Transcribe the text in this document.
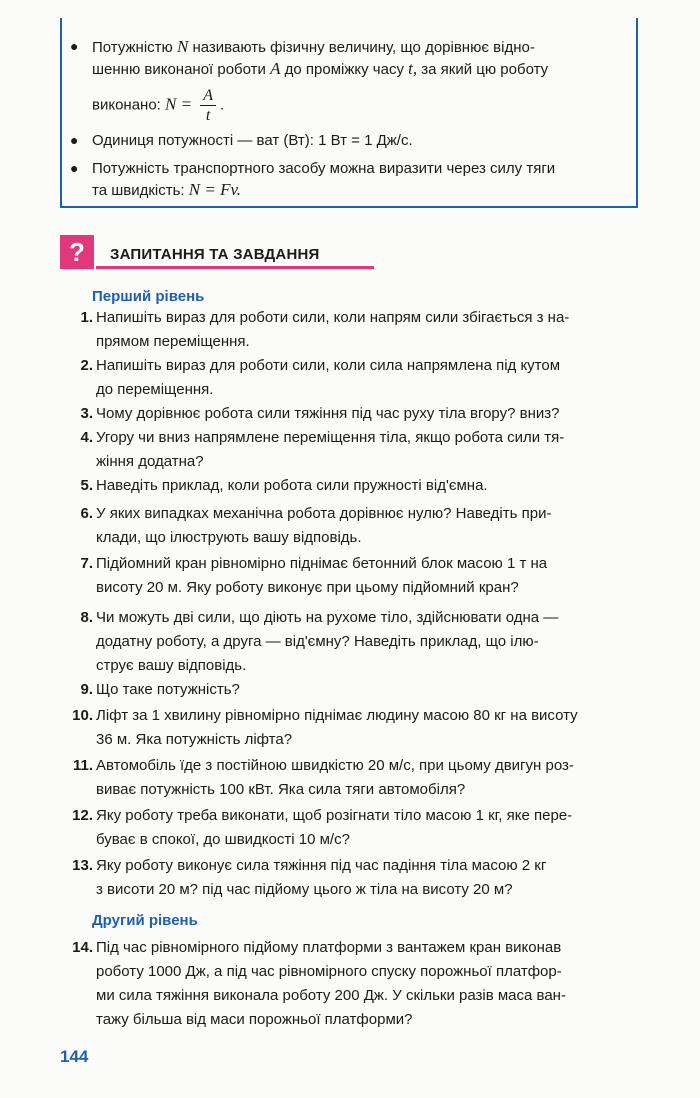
● Потужністю N називають фізичну величину, що дорівнює відно-
шенню виконаної роботи A до проміжку часу t, за який цю роботу
виконано: $N = \frac{A}{t}$ .
● Одиниця потужності — ват (Вт): 1 Вт = 1 Дж/с.
● Потужність транспортного засобу можна виразити через силу тяги
та швидкість: N = Fv.
?	ЗАПИТАННЯ ТА ЗАВДАННЯ
Перший рівень
Другий рівень
1. Напишіть вираз для роботи сили, коли напрям сили збігається з на-
прямом переміщення.
2. Напишіть вираз для роботи сили, коли сила напрямлена під кутом
до переміщення.
3. Чому дорівнює робота сили тяжіння під час руху тіла вгору? вниз?
4. Угору чи вниз напрямлене переміщення тіла, якщо робота сили тя-
жіння додатна?
5. Наведіть приклад, коли робота сили пружності від'ємна.
6. У яких випадках механічна робота дорівнює нулю? Наведіть при-
клади, що ілюструють вашу відповідь.
7. Підйомний кран рівномірно піднімає бетонний блок масою 1 т на
висоту 20 м. Яку роботу виконує при цьому підйомний кран?
8. Чи можуть дві сили, що діють на рухоме тіло, здійснювати одна —
додатну роботу, а друга — від'ємну? Наведіть приклад, що ілю-
струє вашу відповідь.
9. Що таке потужність?
10. Ліфт за 1 хвилину рівномірно піднімає людину масою 80 кг на висоту
36 м. Яка потужність ліфта?
11. Автомобіль їде з постійною швидкістю 20 м/с, при цьому двигун роз-
виває потужність 100 кВт. Яка сила тяги автомобіля?
12. Яку роботу треба виконати, щоб розігнати тіло масою 1 кг, яке пере-
буває в спокої, до швидкості 10 м/с?
13. Яку роботу виконує сила тяжіння під час падіння тіла масою 2 кг
з висоти 20 м? під час підйому цього ж тіла на висоту 20 м?
14. Під час рівномірного підйому платформи з вантажем кран виконав
роботу 1000 Дж, а під час рівномірного спуску порожньої платфор-
ми сила тяжіння виконала роботу 200 Дж. У скільки разів маса ван-
тажу більша від маси порожньої платформи?
144
